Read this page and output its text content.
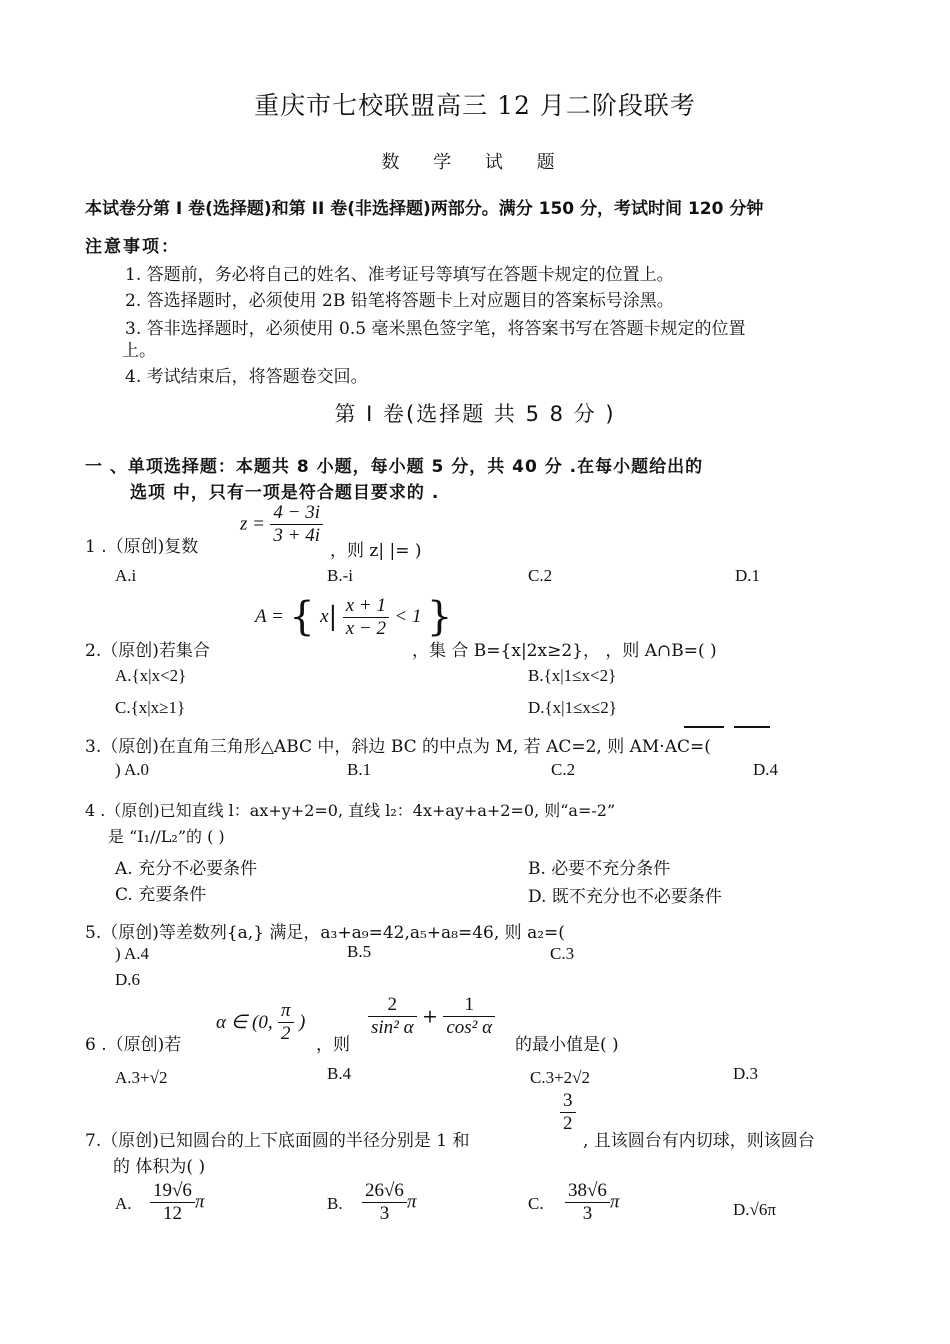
重庆市七校联盟高三 12 月二阶段联考
数 学 试 题
本试卷分第 I 卷(选择题)和第 II 卷(非选择题)两部分。满分 150 分，考试时间 120 分钟
注意事项：
1. 答题前，务必将自己的姓名、准考证号等填写在答题卡规定的位置上。
2. 答选择题时，必须使用 2B 铅笔将答题卡上对应题目的答案标号涂黑。
3. 答非选择题时，必须使用 0.5 毫米黑色签字笔，将答案书写在答题卡规定的位置
上。
4. 考试结束后，将答题卷交回。
第 I 卷(选择题 共 5 8 分 )
一 、单项选择题：本题共 8 小题，每小题 5 分，共 40 分 .在每小题给出的
选项 中，只有一项是符合题目要求的 .
1 .（原创)复数
$z = \frac{4 - 3i}{3 + 4i}$
，则 z| |= )
A.i	B.-i	C.2	D.1
2.（原创)若集合
A = { $x| \frac{x + 1}{x - 2} < 1$ }
，集 合 B={x|2x≥2}， ，则 A∩B=( )
A.{x|x<2}	B.{x|1≤x<2}
C.{x|x≥1}	D.{x|1≤x≤2}
3.（原创)在直角三角形△ABC 中，斜边 BC 的中点为 M, 若 AC=2, 则 AM·AC=(
) A.0	B.1	C.2	D.4
4 .（原创)已知直线 l：ax+y+2=0, 直线 l₂：4x+ay+a+2=0, 则“a=-2”
是 “I₁//L₂”的 ( )
A. 充分不必要条件	B. 必要不充分条件
C. 充要条件	D. 既不充分也不必要条件
5.（原创)等差数列{a,} 满足，a₃+a₉=42,a₅+a₈=46, 则 a₂=(
) A.4	B.5	C.3
D.6
6 .（原创)若
α ∈ (0, $\frac{\pi}{2}$ )
，则
$\frac{2}{\text{sin² α}} + \frac{1}{\text{cos² α}}$
的最小值是( )
A.3+√2	B.4	C.3+2√2	D.3
7.（原创)已知圆台的上下底面圆的半径分别是 1 和
$\frac{3}{2}$
, 且该圆台有内切球，则该圆台
的 体积为( )
A. $\frac{19√6}{12}$ π	B. $\frac{26√6}{3}$ π	C. $\frac{38√6}{3}$ π	D.√6π
